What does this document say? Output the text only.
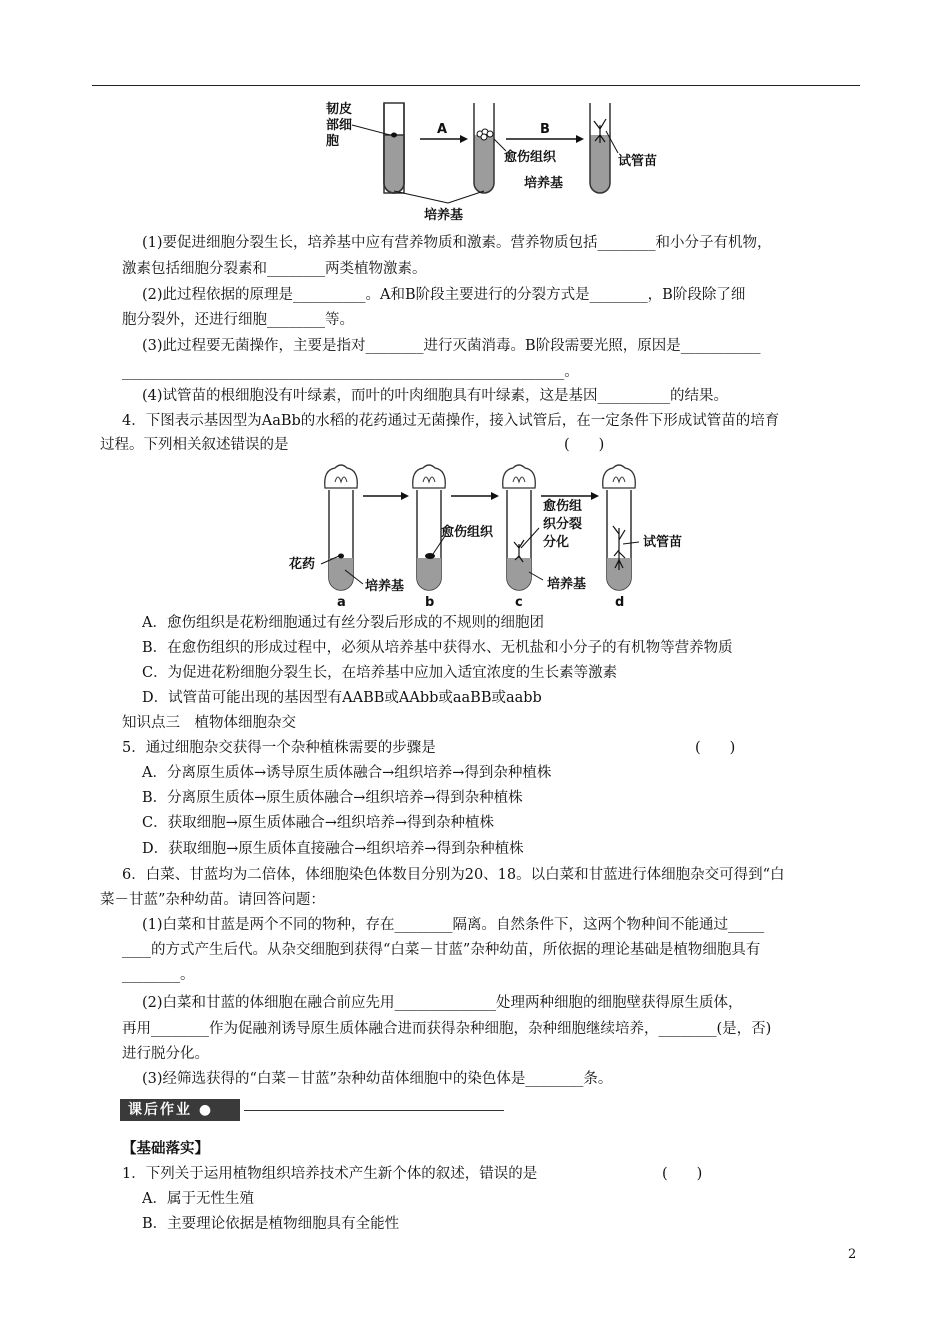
韧皮
部细
胞
A	B
愈伤组织	试管苗
培养基
培养基
(1)要促进细胞分裂生长，培养基中应有营养物质和激素。营养物质包括________和小分子有机物，
激素包括细胞分裂素和________两类植物激素。
(2)此过程依据的原理是__________。A和B阶段主要进行的分裂方式是________，B阶段除了细
胞分裂外，还进行细胞________等。
(3)此过程要无菌操作，主要是指对________进行灭菌消毒。B阶段需要光照，原因是___________
_____________________________________________________________。
(4)试管苗的根细胞没有叶绿素，而叶的叶肉细胞具有叶绿素，这是基因__________的结果。
4．下图表示基因型为AaBb的水稻的花药通过无菌操作，接入试管后，在一定条件下形成试管苗的培育
过程。下列相关叙述错误的是	(　　)
花药
培养基
愈伤组织
愈伤组
织分裂
分化
培养基
试管苗
a	b	c	d
A．愈伤组织是花粉细胞通过有丝分裂后形成的不规则的细胞团
B．在愈伤组织的形成过程中，必须从培养基中获得水、无机盐和小分子的有机物等营养物质
C．为促进花粉细胞分裂生长，在培养基中应加入适宜浓度的生长素等激素
D．试管苗可能出现的基因型有AABB或AAbb或aaBB或aabb
知识点三　植物体细胞杂交
5．通过细胞杂交获得一个杂种植株需要的步骤是	(　　)
A．分离原生质体→诱导原生质体融合→组织培养→得到杂种植株
B．分离原生质体→原生质体融合→组织培养→得到杂种植株
C．获取细胞→原生质体融合→组织培养→得到杂种植株
D．获取细胞→原生质体直接融合→组织培养→得到杂种植株
6．白菜、甘蓝均为二倍体，体细胞染色体数目分别为20、18。以白菜和甘蓝进行体细胞杂交可得到“白
菜－甘蓝”杂种幼苗。请回答问题：
(1)白菜和甘蓝是两个不同的物种，存在________隔离。自然条件下，这两个物种间不能通过_____
____的方式产生后代。从杂交细胞到获得“白菜－甘蓝”杂种幼苗，所依据的理论基础是植物细胞具有
________。
(2)白菜和甘蓝的体细胞在融合前应先用______________处理两种细胞的细胞壁获得原生质体，
再用________作为促融剂诱导原生质体融合进而获得杂种细胞，杂种细胞继续培养，________(是，否)
进行脱分化。
(3)经筛选获得的“白菜－甘蓝”杂种幼苗体细胞中的染色体是________条。
课后作业 ●
【基础落实】
1．下列关于运用植物组织培养技术产生新个体的叙述，错误的是	(　　)
A．属于无性生殖
B．主要理论依据是植物细胞具有全能性
2
